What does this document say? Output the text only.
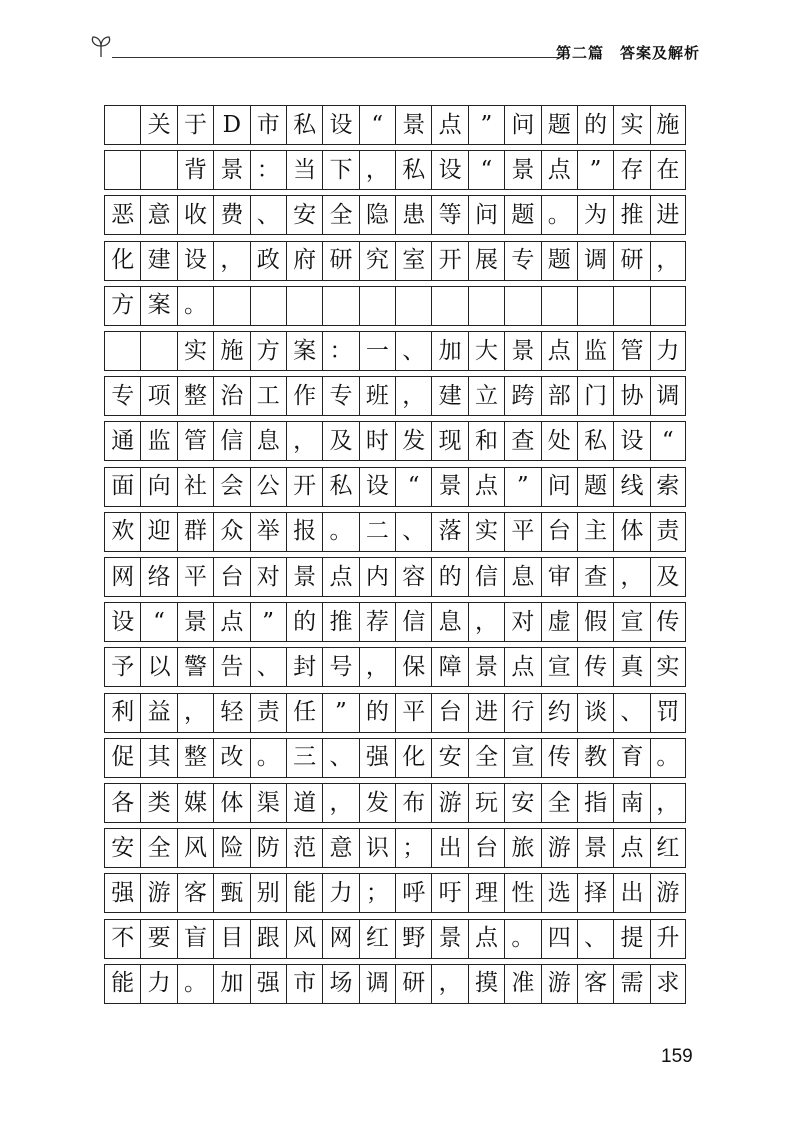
第二篇　答案及解析

关 于 D 市 私 设 “ 景 点 ” 问 题 的 实 施

背 景 ： 当 下 ， 私 设 “ 景 点 ” 存 在
恶 意 收 费 、 安 全 隐 患 等 问 题 。 为 推 进
化 建 设 ， 政 府 研 究 室 开 展 专 题 调 研 ，
方 案 。

实 施 方 案 ： 一 、 加 大 景 点 监 管 力
专 项 整 治 工 作 专 班 ， 建 立 跨 部 门 协 调
通 监 管 信 息 ， 及 时 发 现 和 查 处 私 设 “
面 向 社 会 公 开 私 设 “ 景 点 ” 问 题 线 索
欢 迎 群 众 举 报 。 二 、 落 实 平 台 主 体 责
网 络 平 台 对 景 点 内 容 的 信 息 审 查 ， 及
设 “ 景 点 ” 的 推 荐 信 息 ， 对 虚 假 宣 传
予 以 警 告 、 封 号 ， 保 障 景 点 宣 传 真 实
利 益 ， 轻 责 任 ” 的 平 台 进 行 约 谈 、 罚
促 其 整 改 。 三 、 强 化 安 全 宣 传 教 育 。
各 类 媒 体 渠 道 ， 发 布 游 玩 安 全 指 南 ，
安 全 风 险 防 范 意 识 ； 出 台 旅 游 景 点 红
强 游 客 甄 别 能 力 ； 呼 吁 理 性 选 择 出 游
不 要 盲 目 跟 风 网 红 野 景 点 。 四 、 提 升
能 力 。 加 强 市 场 调 研 ， 摸 准 游 客 需 求
159
